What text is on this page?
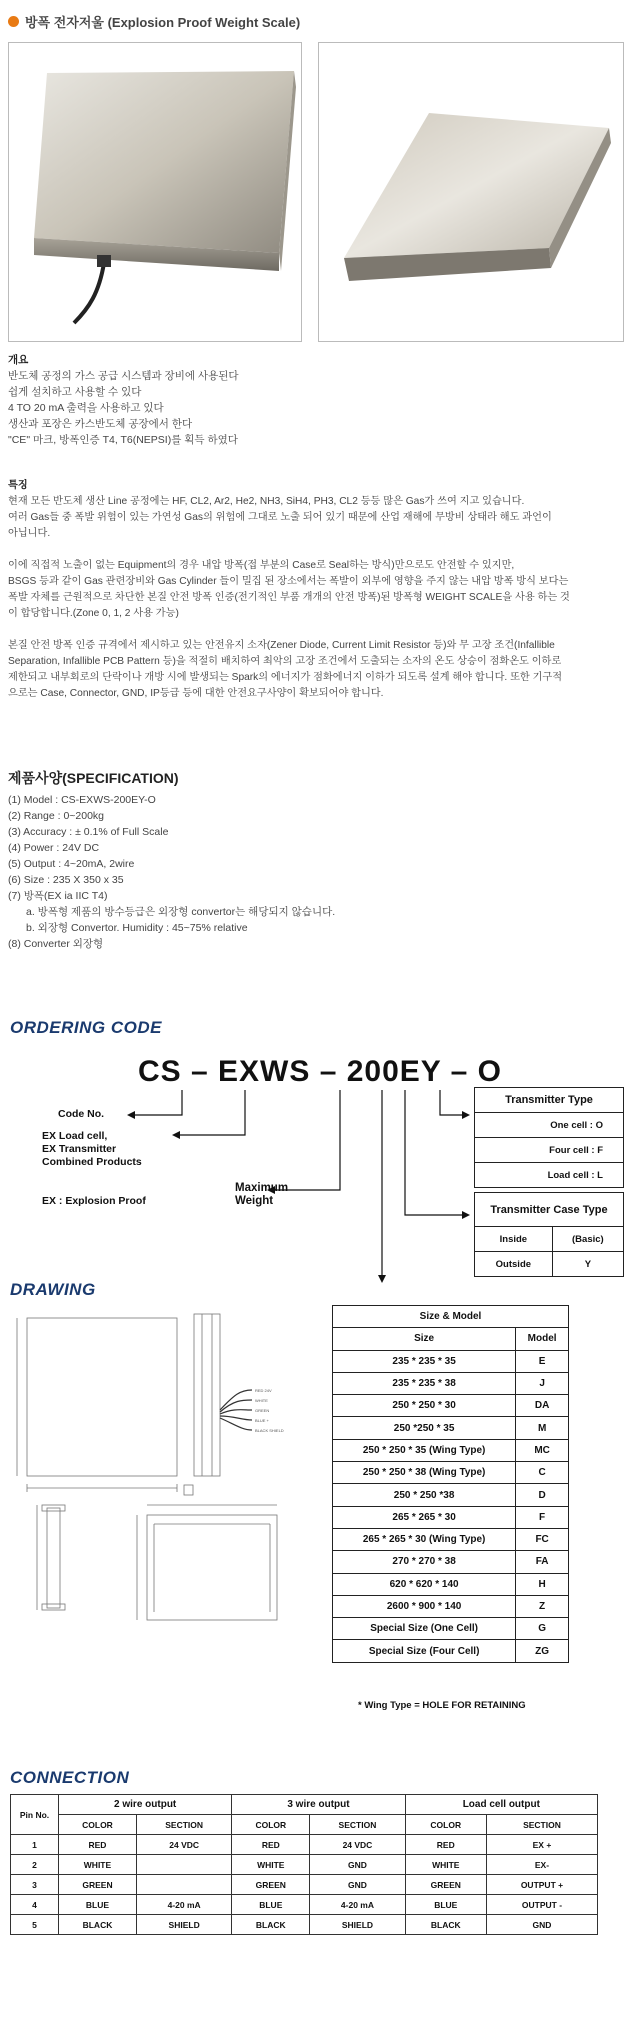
방폭 전자저울 (Explosion Proof Weight Scale)
개요
반도체 공정의 가스 공급 시스템과 장비에 사용된다
쉽게 설치하고 사용할 수 있다
4 TO 20 mA 출력을 사용하고 있다
생산과 포장은 카스반도체 공장에서 한다
"CE" 마크, 방폭인증 T4, T6(NEPSI)를 획득 하였다
특징
현재 모든 반도체 생산 Line 공정에는 HF, CL2, Ar2, He2, NH3, SiH4, PH3, CL2 등등 많은 Gas가 쓰여 지고 있습니다.
여러 Gas들 중 폭발 위험이 있는 가연성 Gas의 위험에 그대로 노출 되어 있기 때문에 산업 재해에 무방비 상태라 해도 과언이
아닙니다.
이에 직접적 노출이 없는 Equipment의 경우 내압 방폭(접 부분의 Case로 Seal하는 방식)만으로도 안전할 수 있지만,
BSGS 등과 같이 Gas 관련장비와 Gas Cylinder 들이 밀집 된 장소에서는 폭발이 외부에 영향을 주지 않는 내압 방폭 방식 보다는
폭발 자체를 근원적으로 차단한 본질 안전 방폭 인증(전기적인 부품 개개의 안전 방폭)된 방폭형 WEIGHT SCALE을 사용 하는 것
이 합당합니다.(Zone 0, 1, 2 사용 가능)
본질 안전 방폭 인증 규격에서 제시하고 있는 안전유지 소자(Zener Diode, Current Limit Resistor 등)와 무 고장 조건(Infallible
Separation, Infallible PCB Pattern 등)을 적절히 배치하여 최악의 고장 조건에서 도출되는 소자의 온도 상승이 점화온도 이하로
제한되고 내부회로의 단락이나 개방 시에 발생되는 Spark의 에너지가 점화에너지 이하가 되도록 설계 해야 합니다. 또한 기구적
으로는 Case, Connector, GND, IP등급 등에 대한 안전요구사양이 확보되어야 합니다.
제품사양(SPECIFICATION)
(1) Model : CS-EXWS-200EY-O
(2) Range : 0~200kg
(3) Accuracy : ± 0.1% of Full Scale
(4) Power : 24V DC
(5) Output : 4~20mA, 2wire
(6) Size : 235 X 350 x 35
(7) 방폭(EX ia IIC T4)
a. 방폭형 제품의 방수등급은 외장형 convertor는 해당되지 않습니다.
b. 외장형 Convertor. Humidity : 45~75% relative
(8) Converter 외장형
ORDERING CODE
CS – EXWS – 200EY – O
Code No.
EX Load cell,
EX Transmitter
Combined Products
EX : Explosion Proof
Maximum
Weight
Transmitter Type
One cell : O
Four cell : F
Load cell : L
Transmitter Case Type	
Inside	(Basic)
Outside	Y
DRAWING
RED 24V
WHITE
GREEN
BLUE +
BLACK SHIELD
Size & Model	
Size	Model
235 * 235 * 35	E
235 * 235 * 38	J
250 * 250 * 30	DA
250 *250 * 35	M
250 * 250 * 35 (Wing Type)	MC
250 * 250 * 38 (Wing Type)	C
250 * 250 *38	D
265 * 265 * 30	F
265 * 265 * 30 (Wing Type)	FC
270 * 270 * 38	FA
620 * 620 * 140	H
2600 * 900 * 140	Z
Special Size (One Cell)	G
Special Size (Four Cell)	ZG
* Wing Type = HOLE FOR RETAINING
CONNECTION
Pin No.	2 wire output		3 wire output		Load cell output	
	COLOR	SECTION	COLOR	SECTION	COLOR	SECTION
1	RED	24 VDC	RED	24 VDC	RED	EX +
2	WHITE		WHITE	GND	WHITE	EX-
3	GREEN		GREEN	GND	GREEN	OUTPUT +
4	BLUE	4-20 mA	BLUE	4-20 mA	BLUE	OUTPUT -
5	BLACK	SHIELD	BLACK	SHIELD	BLACK	GND
